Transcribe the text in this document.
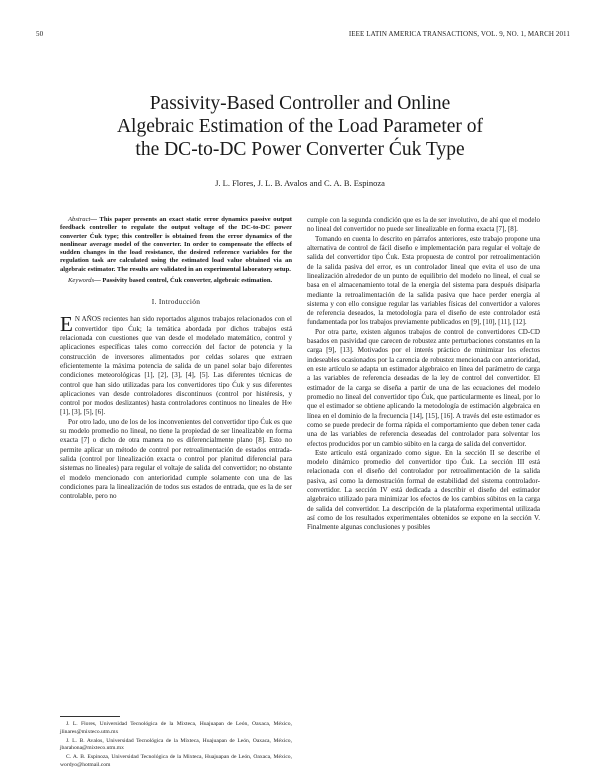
50	IEEE LATIN AMERICA TRANSACTIONS, VOL. 9, NO. 1, MARCH 2011
Passivity-Based Controller and Online
Algebraic Estimation of the Load Parameter of
the DC-to-DC Power Converter Ćuk Type
J. L. Flores, J. L. B. Avalos and C. A. B. Espinoza

Abstract— This paper presents an exact static error dynamics passive output feedback controller to regulate the output voltage of the DC-to-DC power converter Ćuk type; this controller is obtained from the error dynamics of the nonlinear average model of the converter. In order to compensate the effects of sudden changes in the load resistance, the desired reference variables for the regulation task are calculated using the estimated load value obtained via an algebraic estimator. The results are validated in an experimental laboratory setup.

Keywords— Passivity based control, Ćuk converter, algebraic estimation.

I. Introducción

E N AÑOS recientes han sido reportados algunos trabajos relacionados con el convertidor tipo Ćuk; la temática abordada por dichos trabajos está relacionada con cuestiones que van desde el modelado matemático, control y aplicaciones específicas tales como corrección del factor de potencia y la construcción de inversores alimentados por celdas solares que extraen eficientemente la máxima potencia de salida de un panel solar bajo diferentes condiciones meteorológicas [1], [2], [3], [4], [5]. Las diferentes técnicas de control que han sido utilizadas para los convertidores tipo Ćuk y sus diferentes aplicaciones van desde controladores discontinuos (control por histéresis, y control por modos deslizantes) hasta controladores continuos no lineales de H∞ [1], [3], [5], [6].

Por otro lado, uno de los de los inconvenientes del convertidor tipo Ćuk es que su modelo promedio no lineal, no tiene la propiedad de ser linealizable en forma exacta [7] o dicho de otra manera no es diferencialmente plano [8]. Esto no permite aplicar un método de control por retroalimentación de estados entrada-salida (control por linealización exacta o control por planitud diferencial para sistemas no lineales) para regular el voltaje de salida del convertidor; no obstante el modelo mencionado con anterioridad cumple solamente con una de las condiciones para la linealización de todos sus estados de entrada, que es la de ser controlable, pero no

J. L. Flores, Universidad Tecnológica de la Mixteca, Huajuapan de León, Oaxaca, México, jlinares@mixteco.utm.mx

J. L. B. Avalos, Universidad Tecnológica de la Mixteca, Huajuapan de León, Oaxaca, México, jbarahona@mixteco.utm.mx

C. A. B. Espinoza, Universidad Tecnológica de la Mixteca, Huajuapan de León, Oaxaca, México, wordyo@hotmail.com

cumple con la segunda condición que es la de ser involutivo, de ahí que el modelo no lineal del convertidor no puede ser linealizable en forma exacta [7], [8].

Tomando en cuenta lo descrito en párrafos anteriores, este trabajo propone una alternativa de control de fácil diseño e implementación para regular el voltaje de salida del convertidor tipo Ćuk. Esta propuesta de control por retroalimentación de la salida pasiva del error, es un controlador lineal que evita el uso de una linealización alrededor de un punto de equilibrio del modelo no lineal, el cual se basa en el almacenamiento total de la energía del sistema para después disiparla mediante la retroalimentación de la salida pasiva que hace perder energía al sistema y con ello consigue regular las variables físicas del convertidor a valores de referencia deseados, la metodología para el diseño de este controlador está fundamentada por los trabajos previamente publicados en [9], [10], [11], [12].

Por otra parte, existen algunos trabajos de control de convertidores CD-CD basados en pasividad que carecen de robustez ante perturbaciones constantes en la carga [9], [13]. Motivados por el interés práctico de minimizar los efectos indeseables ocasionados por la carencia de robustez mencionada con anterioridad, en este artículo se adapta un estimador algebraico en línea del parámetro de carga a las variables de referencia deseadas de la ley de control del convertidor. El estimador de la carga se diseña a partir de una de las ecuaciones del modelo promedio no lineal del convertidor tipo Ćuk, que particularmente es lineal, por lo que el estimador se obtiene aplicando la metodología de estimación algebraica en línea en el dominio de la frecuencia [14], [15], [16]. A través del este estimador es como se puede predecir de forma rápida el comportamiento que deben tener cada una de las variables de referencia deseadas del controlador para solventar los efectos producidos por un cambio súbito en la carga de salida del convertidor.

Este artículo está organizado como sigue. En la sección II se describe el modelo dinámico promedio del convertidor tipo Ćuk. La sección III está relacionada con el diseño del controlador por retroalimentación de la salida pasiva, así como la demostración formal de estabilidad del sistema controlador-convertidor. La sección IV está dedicada a describir el diseño del estimador algebraico utilizado para minimizar los efectos de los cambios súbitos en la carga de salida del convertidor. La descripción de la plataforma experimental utilizada así como de los resultados experimentales obtenidos se expone en la sección V. Finalmente algunas conclusiones y posibles
